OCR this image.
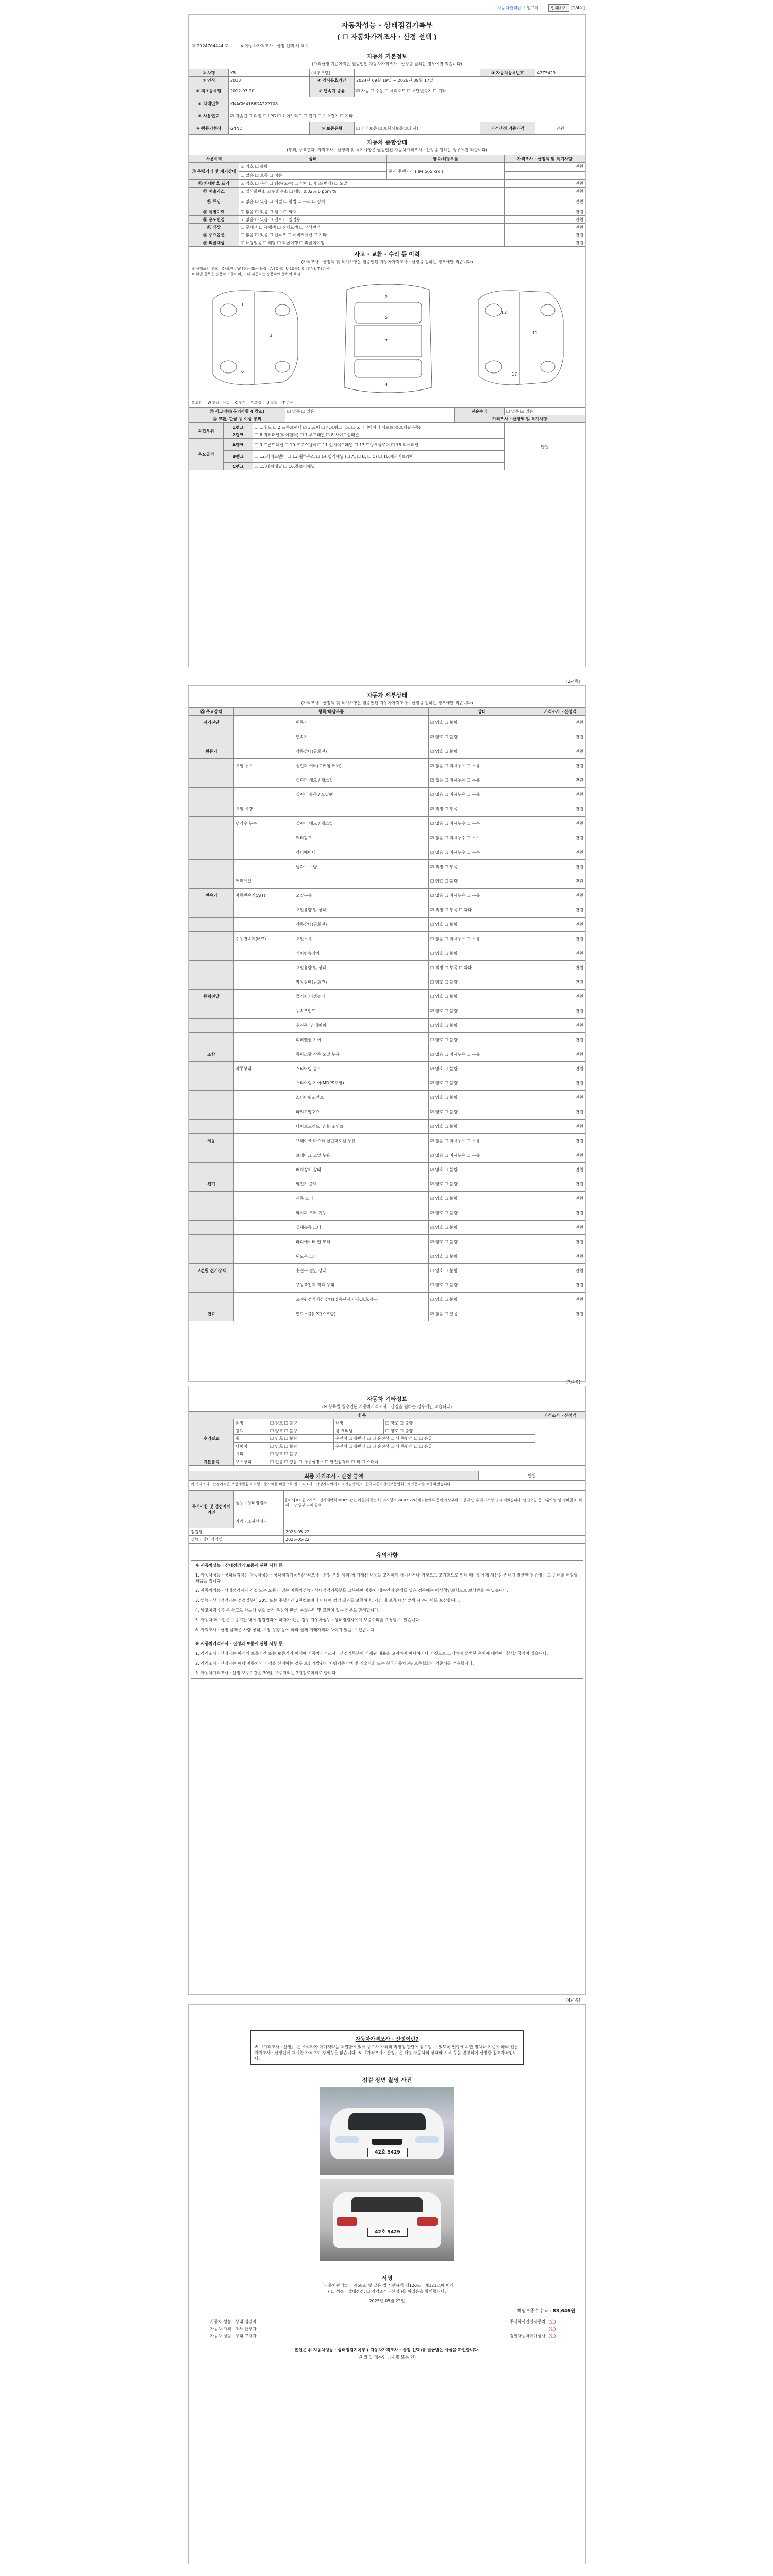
자동차관리법 시행규칙	인쇄하기	[1/4쪽]
자동차성능 · 상태점검기록부
( ☐ 자동차가격조사 · 산정 선택 )
제 2024704444 호	※ 자동차가격조사 · 산정 선택 시 표시
자동차 기본정보
(가격산정 기준가격은 월승인된 자동차가격조사 · 산정을 원하는 경우에만 적습니다)
① 차명	K5	(세부모델)		② 자동차등록번호	42Z5429
③ 연식	2013	④ 검사유효기간	2024년 09월 19일 ~ 2026년 09월 17일		
⑤ 최초등록일	2012-07-20	⑦ 변속기 종류	☑ 자동 ☐ 수동 ☐ 세미오토 ☐ 무단변속기 ☐ 기타		
⑥ 차대번호	KNAGM4166DA222708				
⑧ 사용연료	☑ 가솔린 ☐ 디젤 ☐ LPG ☐ 하이브리드 ☐ 전기 ☐ 수소전기 ☐ 기타				
⑨ 원동기형식	G4ND	⑩ 보증유형	☐ 자가보증 ☑ 보험사보증(보험사)	가격산정 기준가격	만원
자동차 종합상태
(부위, 주요결과, 가격조사 · 산정액 및 특기사항은 월승인된 자동차가격조사 · 산정을 원하는 경우에만 적습니다)
사용이력	상태	항목/해당부품	가격조사 · 산정액 및 특기사항
⑪ 주행거리 및 계기상태	☑ 양호 ☐ 불량	현재 주행거리 [ 94,565 km ]	만원
	☐ 많음 ☑ 보통 ☐ 적음		
⑫ 차대번호 표기	☑ 양호 ☐ 부식 ☐ 훼손(오손) ☐ 상이 ☐ 변조(변타) ☐ 도말		만원
⑬ 배출가스	☑ 일산화탄소 ☑ 탄화수소 ☐ 매연 0.02% 6 ppm %		만원
⑭ 튜닝	☑ 없음 ☐ 있음 ☐ 적법 ☐ 불법 ☐ 구조 ☐ 장치		만원
⑮ 특별이력	☑ 없음 ☐ 있음 ☐ 침수 ☐ 화재		만원
⑯ 용도변경	☑ 없음 ☐ 있음 ☐ 렌트 ☐ 영업용		만원
⑰ 색상	☐ 무채색 ☐ 유채색 ☐ 전체도색 ☐ 색상변경		만원
⑱ 주요옵션	☐ 없음 ☐ 있음 ☐ 선루프 ☐ 네비게이션 ☐ 기타		만원
⑲ 리콜대상	☑ 해당없음 ☐ 해당 ☐ 리콜이행 ☐ 리콜미이행		만원
사고 · 교환 · 수리 등 이력
(가격조사 · 산정액 및 특기사항은 월승인된 자동차가격조사 · 산정을 원하는 경우에만 적습니다)
※ 상태표시 부호 : X (교환), W (판금 또는 용접), A (흠집), U (요철), C (부식), T (손상)
※ 하단 항목은 승용차 기준이며, 기타 자동차는 승용차에 준하여 표시
1
2
3
4
5
6
7
11
12
17
X 교환 W 판금 · 용접 C 부식 A 흠집 U 요철 T 손상
⑳ 사고이력(유의사항 4 참조)	☑ 없음 ☐ 있음	단순수리	☐ 없음 ☑ 있음
㉑ 교환, 판금 등 이상 부위		가격조사 · 산정액 및 특기사항	
외판부위	1랭크	☐ 1.후드 ☐ 2.프론트펜더 ☑ 3.도어 ☐ 4.트렁크리드 ☐ 5.라디에이터 서포트(볼트체결부품)	만원
	2랭크	☐ 6.쿼터패널(리어펜더) ☐ 7.루프패널 ☐ 8.사이드실패널	
주요골격	A랭크	☐ 9.프론트패널 ☐ 10.크로스멤버 ☐ 11.인사이드패널 ☐ 17.트렁크플로어 ☐ 18.리어패널	
	B랭크	☐ 12.사이드멤버 ☐ 13.휠하우스 ☐ 14.필러패널 (☐ A, ☐ B, ☐ C) ☐ 16.패키지트레이	
	C랭크	☐ 15.대쉬패널 ☐ 16.플로어패널	
[2/4쪽]
자동차 세부상태
(가격조사 · 산정액 및 특기사항은 월승인된 자동차가격조사 · 산정을 원하는 경우에만 적습니다)
㉒ 주요장치	항목/해당부품		상태	가격조사 · 산정액
자기진단		원동기	☑ 양호 ☐ 불량	만원
		변속기	☑ 양호 ☐ 불량	만원
원동기		작동상태(공회전)	☑ 양호 ☐ 불량	만원
	오일 누유	실린더 커버(로커암 커버)	☑ 없음 ☐ 미세누유 ☐ 누유	만원
		실린더 헤드 / 개스킷	☑ 없음 ☐ 미세누유 ☐ 누유	만원
		실린더 블록 / 오일팬	☑ 없음 ☐ 미세누유 ☐ 누유	만원
	오일 유량		☑ 적정 ☐ 부족	만원
	냉각수 누수	실린더 헤드 / 개스킷	☑ 없음 ☐ 미세누수 ☐ 누수	만원
		워터펌프	☑ 없음 ☐ 미세누수 ☐ 누수	만원
		라디에이터	☑ 없음 ☐ 미세누수 ☐ 누수	만원
		냉각수 수량	☑ 적정 ☐ 부족	만원
	커먼레일		☐ 양호 ☐ 불량	만원
변속기	자동변속기(A/T)	오일누유	☑ 없음 ☐ 미세누유 ☐ 누유	만원
		오일유량 및 상태	☑ 적정 ☐ 부족 ☐ 과다	만원
		작동상태(공회전)	☑ 양호 ☐ 불량	만원
	수동변속기(M/T)	오일누유	☐ 없음 ☐ 미세누유 ☐ 누유	만원
		기어변속장치	☐ 양호 ☐ 불량	만원
		오일유량 및 상태	☐ 적정 ☐ 부족 ☐ 과다	만원
		작동상태(공회전)	☐ 양호 ☐ 불량	만원
동력전달		클러치 어셈블리	☐ 양호 ☐ 불량	만원
		등속조인트	☑ 양호 ☐ 불량	만원
		추진축 및 베어링	☐ 양호 ☐ 불량	만원
		디퍼렌셜 기어	☐ 양호 ☐ 불량	만원
조향		동력조향 작동 오일 누유	☑ 없음 ☐ 미세누유 ☐ 누유	만원
	작동상태	스티어링 펌프	☑ 양호 ☐ 불량	만원
		스티어링 기어(MDPS포함)	☑ 양호 ☐ 불량	만원
		스티어링조인트	☑ 양호 ☐ 불량	만원
		파워고압호스	☑ 양호 ☐ 불량	만원
		타이로드엔드 및 볼 조인트	☑ 양호 ☐ 불량	만원
제동		브레이크 마스터 실린더오일 누유	☑ 없음 ☐ 미세누유 ☐ 누유	만원
		브레이크 오일 누유	☑ 없음 ☐ 미세누유 ☐ 누유	만원
		배력장치 상태	☑ 양호 ☐ 불량	만원
전기		발전기 출력	☑ 양호 ☐ 불량	만원
		시동 모터	☑ 양호 ☐ 불량	만원
		와이퍼 모터 기능	☑ 양호 ☐ 불량	만원
		실내송풍 모터	☑ 양호 ☐ 불량	만원
		라디에이터 팬 모터	☑ 양호 ☐ 불량	만원
		윈도우 모터	☑ 양호 ☐ 불량	만원
고전원 전기장치		충전구 절연 상태	☐ 양호 ☐ 불량	만원
		구동축전지 격리 상태	☐ 양호 ☐ 불량	만원
		고전원전기배선 상태(접속단자,피복,보호기구)	☐ 양호 ☐ 불량	만원
연료		연료누출(LP가스포함)	☑ 없음 ☐ 있음	만원
[3/4쪽]
자동차 기타정보
(※ 항목별 월승인된 자동차가격조사 · 산정을 원하는 경우에만 적습니다)
항목					가격조사 · 산정액
수리필요	외장	☐ 양호 ☐ 불량	내장	☐ 양호 ☐ 불량	
	광택	☐ 양호 ☐ 불량	룸 크리닝	☐ 양호 ☐ 불량	
	휠	☐ 양호 ☐ 불량	운전석 ☐ 동반석 ☐ 뒤 운전석 ☐ 뒤 동반석 ☐ ☐ 응급		
	타이어	☐ 양호 ☐ 불량	운전석 ☐ 동반석 ☐ 뒤 운전석 ☐ 뒤 동반석 ☐ ☐ 응급		
	유리	☐ 양호 ☐ 불량			
기본품목	보유상태	☐ 없음 ☐ 있음 ☐ 사용설명서 ☐ 안전삼각대 ☐ 잭 ☐ 스패너			
최종 가격조사 · 산정 금액	만원
이 가격조사 · 산정가격은 보험개발원의 차량기준가액을 바탕으로 한 가격조사 · 산정가격이며 ( ☐ 기술사회, ☐ 한국자동차진단보증협회 )의 기준서를 적용하였습니다.
특기사항 및 점검자의 의견	성능 · 상태점검자	[T05] K5 휠 2개축 - 전자제어식 MDPS 관련 리콜(리콜번호) 미시행2024-07-22대체교환여부 등이 정상부위 가정 확인 후 특기사항 명시 되었습니다. 엔진오일 등 교환요망 및 정비필요. 하체 도장 일부 교체 필요
	가격 · 조사산정자	
점검일		2025-05-22
성능 · 상태점검일		2025-05-22
유의사항
※ 자동차성능 · 상태점검의 보증에 관한 사항 등
1. 자동차성능 · 상태점검자는 자동차성능 · 상태점검기록부(가격조사 · 산정 부분 제외)에 기재된 내용을 고지하지 아니하거나 거짓으로 고지함으로 인해 매수인에게 재산상 손해가 발생한 경우에는 그 손해를 배상할 책임을 집니다.
2. 자동차성능 · 상태점검자가 거짓 또는 오류가 있는 자동차성능 · 상태점검기록부를 교부하여 자동차 매수인이 손해를 입은 경우에는 배상책임보험으로 보상받을 수 있습니다.
3. 성능 · 상태점검자는 점검일부터 30일 또는 주행거리 2천킬로미터 이내에 점검 결과를 보증하며, 기간 내 보증 대상 발생 시 수리비를 보상합니다.
4. 사고이력 인정은 사고로 자동차 주요 골격 부위의 판금, 용접수리 및 교환이 있는 경우로 한정합니다.
5. 자동차 매수인은 보증기간 내에 점검결과에 하자가 있는 경우 자동차성능 · 상태점검자에게 보증수리를 요청할 수 있습니다.
6. 가격조사 · 산정 금액은 차량 상태, 시장 상황 등에 따라 실제 거래가격과 차이가 있을 수 있습니다.
※ 자동차가격조사 · 산정의 보증에 관한 사항 등
1. 가격조사 · 산정자는 아래의 보증기간 또는 보증거리 이내에 자동차가격조사 · 산정기록부에 기재된 내용을 고지하지 아니하거나 거짓으로 고지하여 발생한 손해에 대하여 배상할 책임이 있습니다.
2. 가격조사 · 산정자는 해당 자동차의 가격을 산정하는 경우 보험개발원의 차량기준가액 및 기술사회 또는 한국자동차진단보증협회의 기준서를 적용합니다.
3. 자동차가격조사 · 산정 보증기간은 30일, 보증거리는 2천킬로미터로 합니다.
[4/4쪽]
자동차가격조사 · 산정이란?
※ 『가격조사 · 산정』 은 소비자가 매매계약을 체결함에 있어 중고차 가격의 적정성 판단에 참고할 수 있도록 법령에 의한 절차와 기준에 따라 전문 가격조사 · 산정인이 제시한 가격으로 강제성은 없습니다. ※ 『가격조사 · 산정』은 해당 자동차의 상태와 시세 등을 반영하여 산정한 참고가격입니다.
점검 장면 촬영 사진
42호 5429
42호 5429
서명
「자동차관리법」 제58조 및 같은 법 시행규칙 제120조 · 제121조에 따라
( ☐ 성능 · 상태점검, ☐ 가격조사 · 산정 )를 하였음을 확인합니다.
2025년 05월 22일
책임보증수수료 : 83,646원
자동차 성능 · 상태 점검자	주식회사안전자동차	(인)
자동차 가격 · 조사 산정자		(인)
자동차 성능 · 상태 고지자	경인자동차매매상사	(인)
본인은 위 자동차성능 · 상태점검기록부 ( 자동차가격조사 · 산정 선택)를 발급받은 사실을 확인합니다.
년 월 일 매수인 : (서명 또는 인)
